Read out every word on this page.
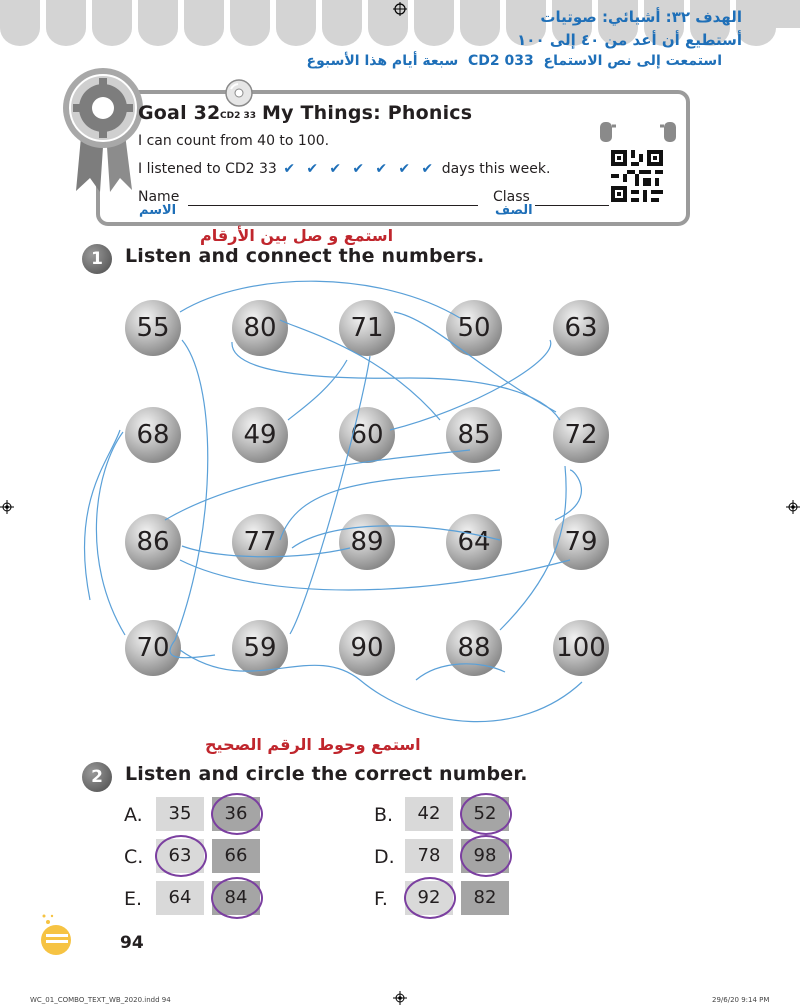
الهدف ٣٢: أشيائي: صوتيات
أستطيع أن أعد من ٤٠ إلى ١٠٠
استمعت إلى نص الاستماع  CD2 033  سبعة أيام هذا الأسبوع
CD2 33
Goal 32 My Things: Phonics
I can count from 40 to 100.
I listened to CD2 33 ✔ ✔ ✔ ✔ ✔ ✔ ✔ days this week.
Name
الاسم
Class
الصف
استمع و صل بين الأرقام
1	Listen and connect the numbers.
55	80	71	50	63
68	49	60	85	72
86	77	89	64	79
70	59	90	88	100
استمع وحوط الرقم الصحيح
2	Listen and circle the correct number.
A.	35	36	B.	42	52
C.	63	66	D.	78	98
E.	64	84	F.	92	82
94
WC_01_COMBO_TEXT_WB_2020.indd 94	29/6/20 9:14 PM
